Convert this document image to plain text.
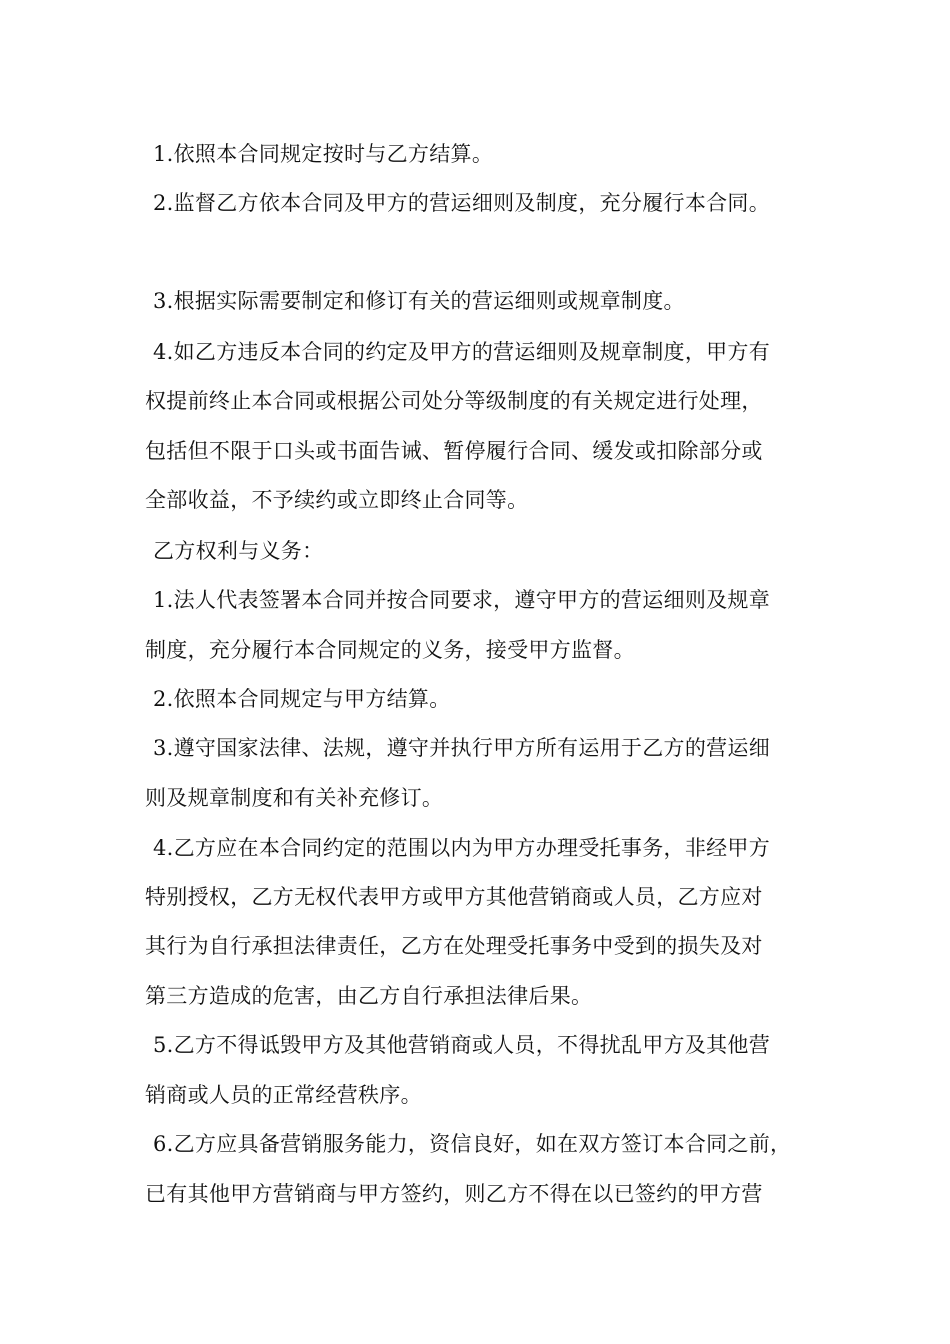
1.依照本合同规定按时与乙方结算。
2.监督乙方依本合同及甲方的营运细则及制度，充分履行本合同。
3.根据实际需要制定和修订有关的营运细则或规章制度。
4.如乙方违反本合同的约定及甲方的营运细则及规章制度，甲方有
权提前终止本合同或根据公司处分等级制度的有关规定进行处理，
包括但不限于口头或书面告诫、暂停履行合同、缓发或扣除部分或
全部收益，不予续约或立即终止合同等。
乙方权利与义务：
1.法人代表签署本合同并按合同要求，遵守甲方的营运细则及规章
制度，充分履行本合同规定的义务，接受甲方监督。
2.依照本合同规定与甲方结算。
3.遵守国家法律、法规，遵守并执行甲方所有运用于乙方的营运细
则及规章制度和有关补充修订。
4.乙方应在本合同约定的范围以内为甲方办理受托事务，非经甲方
特别授权，乙方无权代表甲方或甲方其他营销商或人员，乙方应对
其行为自行承担法律责任，乙方在处理受托事务中受到的损失及对
第三方造成的危害，由乙方自行承担法律后果。
5.乙方不得诋毁甲方及其他营销商或人员，不得扰乱甲方及其他营
销商或人员的正常经营秩序。
6.乙方应具备营销服务能力，资信良好，如在双方签订本合同之前，
已有其他甲方营销商与甲方签约，则乙方不得在以已签约的甲方营
